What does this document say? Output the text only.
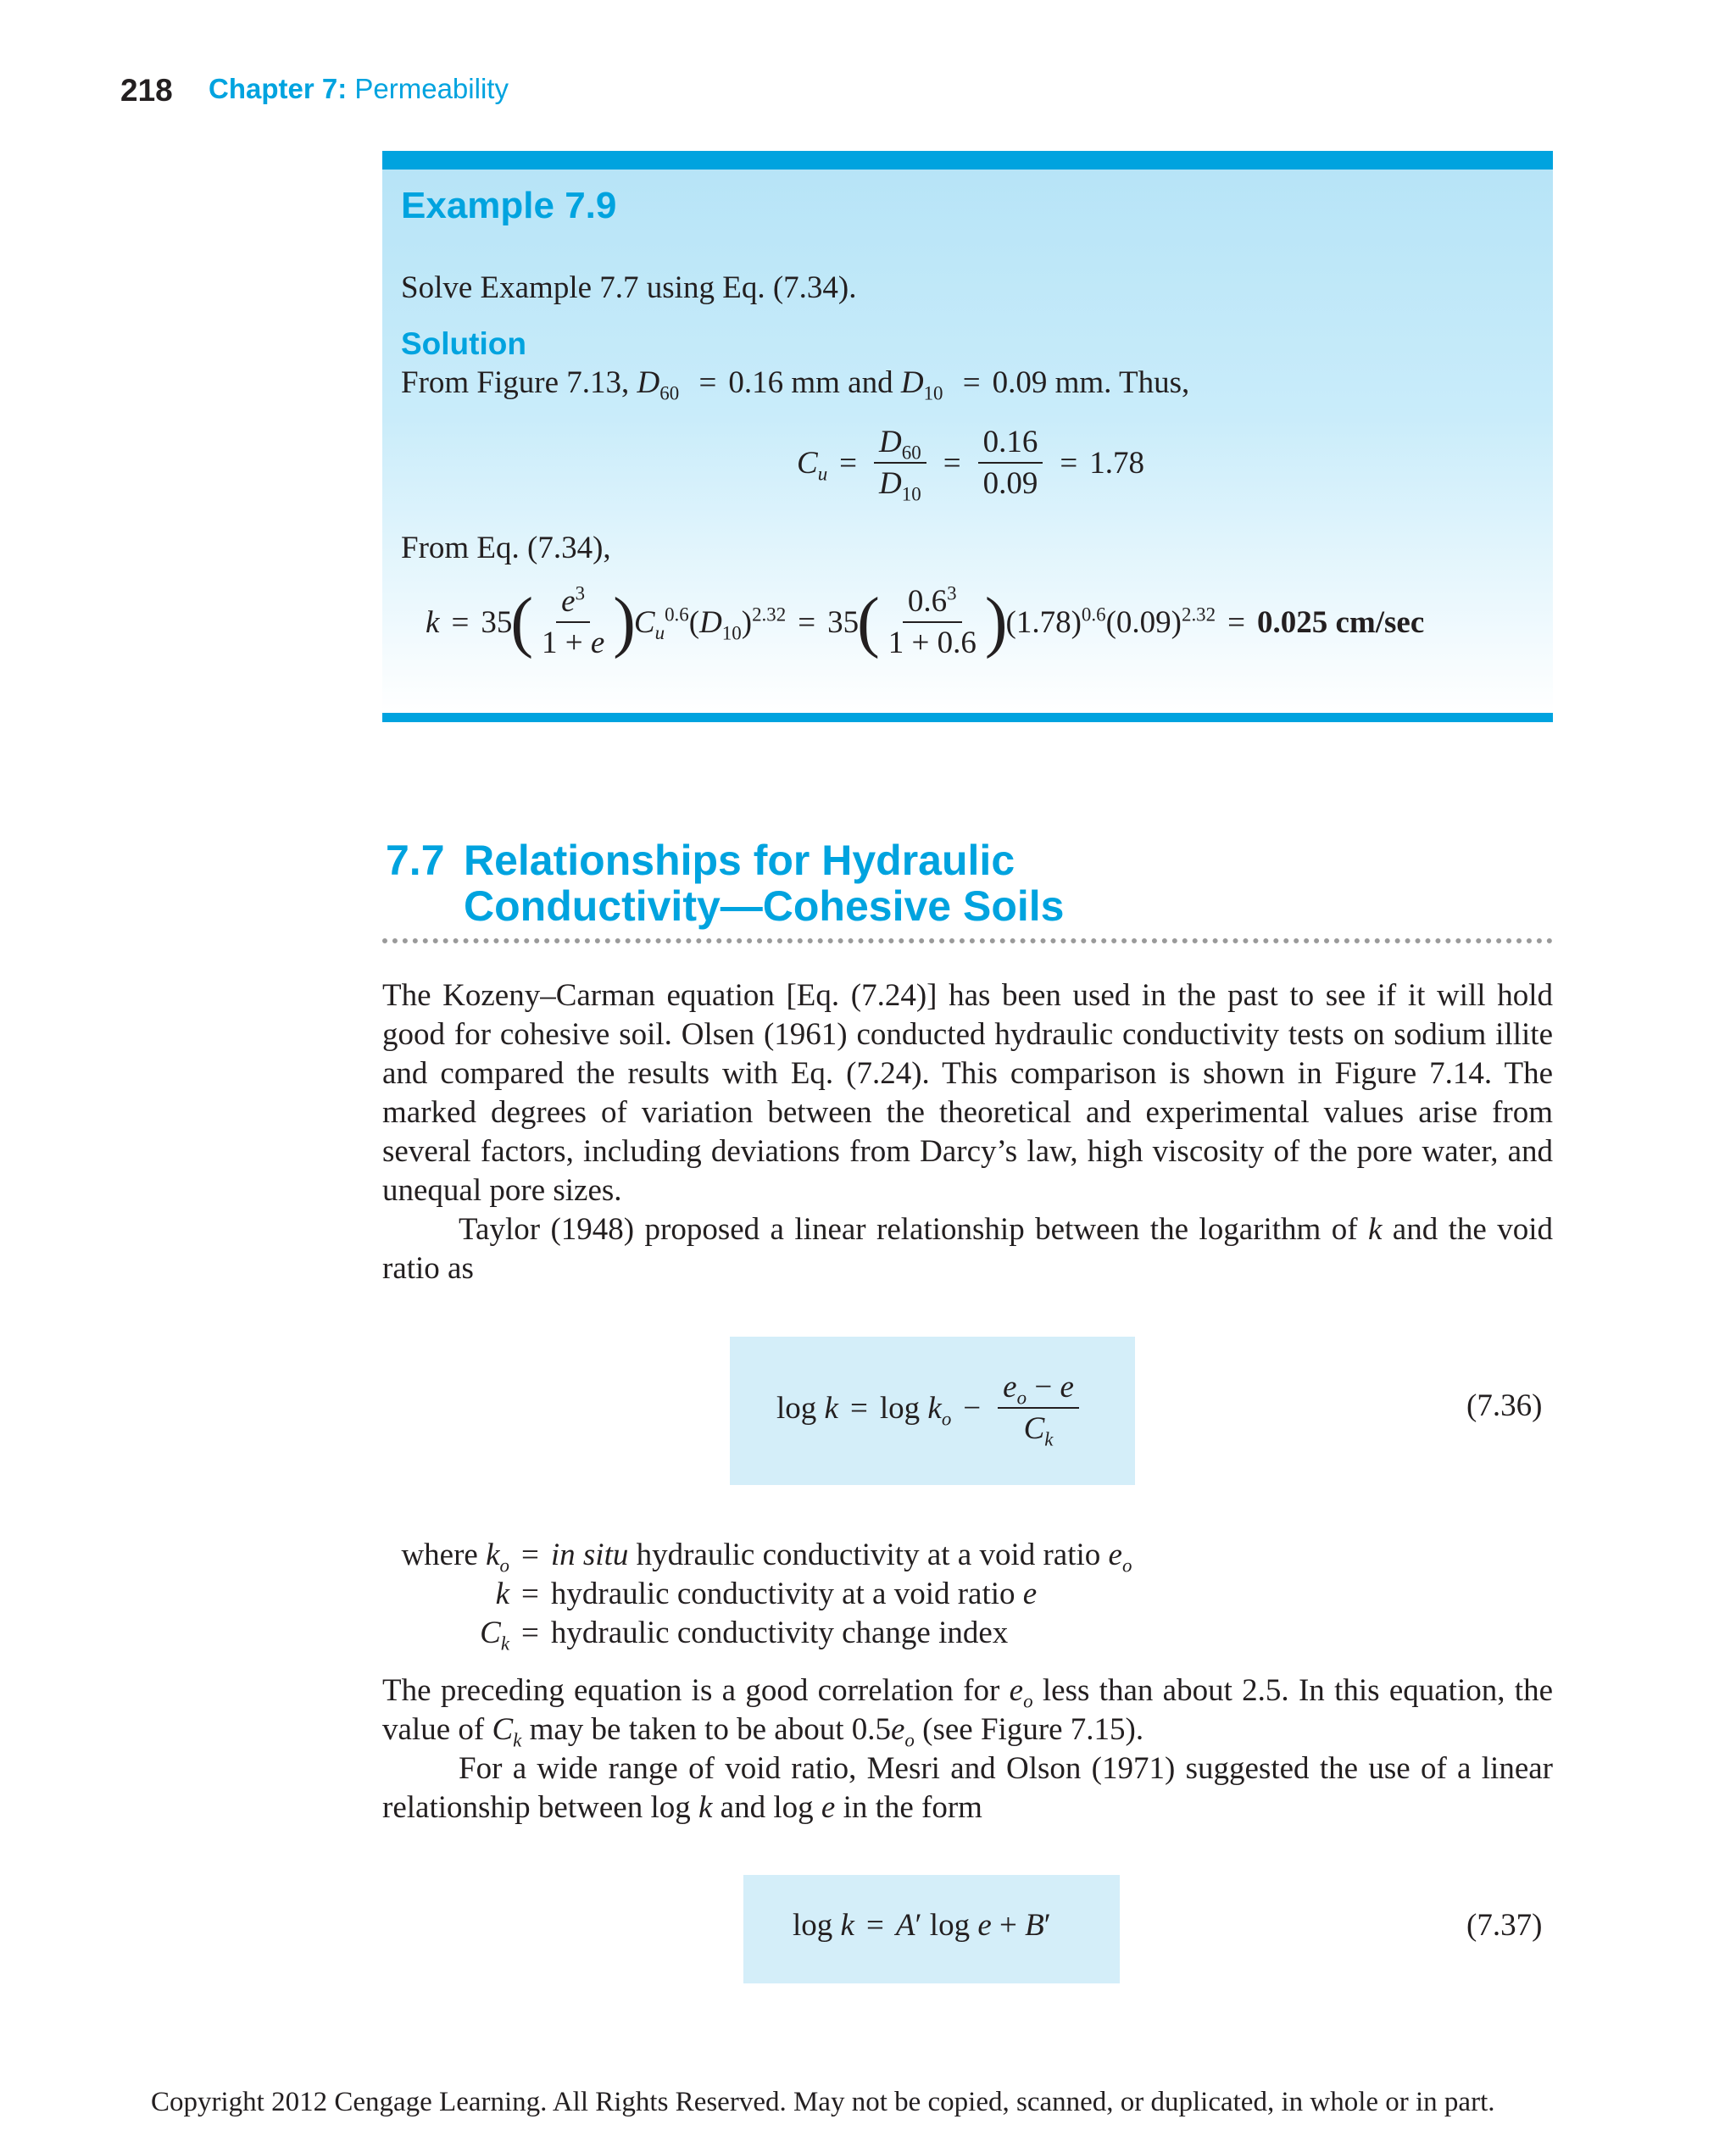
218 Chapter 7: Permeability
Example 7.9
Solve Example 7.7 using Eq. (7.34).
Solution
From Figure 7.13, $D_{60} = 0.16$ mm and $D_{10} = 0.09$ mm. Thus,
$C_u = \frac{D_{60}}{D_{10}} = \frac{0.16}{0.09} = 1.78$
From Eq. (7.34),
k = 35
( $\frac{e^3}{1 + e}$ )
$C_u^{0.6}(D_{10})^{2.32} = 35$
( $\frac{0.6^3}{1 + 0.6}$ )
$(1.78)^{0.6}(0.09)^{2.32} = 0.025$ cm/sec
7.7 Relationships for Hydraulic
Conductivity—Cohesive Soils
The Kozeny–Carman equation [Eq. (7.24)] has been used in the past to see if it will hold good for cohesive soil. Olsen (1961) conducted hydraulic conductivity tests on sodium illite and compared the results with Eq. (7.24). This comparison is shown in Figure 7.14. The marked degrees of variation between the theoretical and experimental values arise from several factors, including deviations from Darcy’s law, high viscosity of the pore water, and unequal pore sizes.
Taylor (1948) proposed a linear relationship between the logarithm of k and the void ratio as
$\log k = \log k_o - \frac{e_o - e}{C_k}$	(7.36)
where $k_o$ = in situ hydraulic conductivity at a void ratio $e_o$
k = hydraulic conductivity at a void ratio e
$C_k$ = hydraulic conductivity change index
The preceding equation is a good correlation for $e_o$ less than about 2.5. In this equation, the value of $C_k$ may be taken to be about $0.5e_o$ (see Figure 7.15).
For a wide range of void ratio, Mesri and Olson (1971) suggested the use of a linear relationship between log k and log e in the form
log k = A′ log e + B′	(7.37)
Copyright 2012 Cengage Learning. All Rights Reserved. May not be copied, scanned, or duplicated, in whole or in part.
